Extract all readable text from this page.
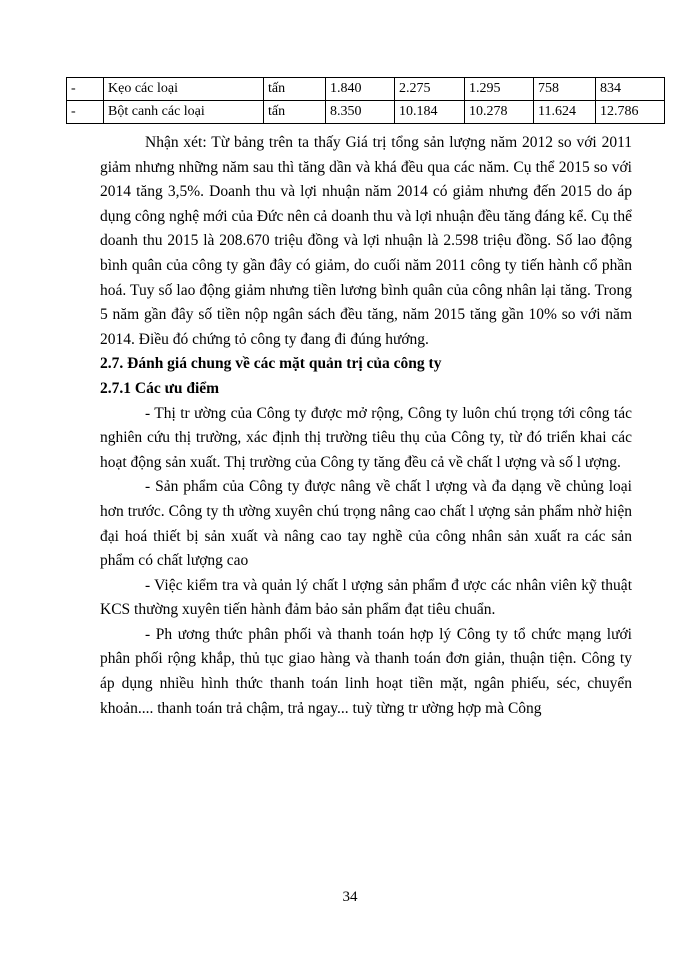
-	Kẹo các loại	tấn	1.840	2.275	1.295	758	834
-	Bột canh các loại	tấn	8.350	10.184	10.278	11.624	12.786

Nhận xét: Từ bảng trên ta thấy Giá trị tổng sản lượng năm 2012 so với 2011 giảm nhưng những năm sau thì tăng dần và khá đều qua các năm. Cụ thể 2015 so với 2014 tăng 3,5%. Doanh thu và lợi nhuận năm 2014 có giảm nhưng đến 2015 do áp dụng công nghệ mới của Đức nên cả doanh thu và lợi nhuận đều tăng đáng kể. Cụ thể doanh thu 2015 là 208.670 triệu đồng và lợi nhuận là 2.598 triệu đồng. Số lao động bình quân của công ty gần đây có giảm, do cuối năm 2011 công ty tiến hành cổ phần hoá. Tuy số lao động giảm nhưng tiền lương bình quân của công nhân lại tăng. Trong 5 năm gần đây số tiền nộp ngân sách đều tăng, năm 2015 tăng gần 10% so với năm 2014. Điều đó chứng tỏ công ty đang đi đúng hướng.

2.7. Đánh giá chung về các mặt quản trị của công ty
2.7.1 Các ưu điểm

- Thị tr ường của Công ty được mở rộng, Công ty luôn chú trọng tới công tác nghiên cứu thị trường, xác định thị trường tiêu thụ của Công ty, từ đó triển khai các hoạt động sản xuất. Thị trường của Công ty tăng đều cả về chất l ượng và số l ượng.

- Sản phẩm của Công ty được nâng về chất l ượng và đa dạng về chủng loại hơn trước. Công ty th ường xuyên chú trọng nâng cao chất l ượng sản phẩm nhờ hiện đại hoá thiết bị sản xuất và nâng cao tay nghề của công nhân sản xuất ra các sản phẩm có chất lượng cao

- Việc kiểm tra và quản lý chất l ượng sản phẩm đ ược các nhân viên kỹ thuật KCS thường xuyên tiến hành đảm bảo sản phẩm đạt tiêu chuẩn.

- Ph ương thức phân phối và thanh toán hợp lý Công ty tổ chức mạng lưới phân phối rộng khắp, thủ tục giao hàng và thanh toán đơn giản, thuận tiện. Công ty áp dụng nhiều hình thức thanh toán linh hoạt tiền mặt, ngân phiếu, séc, chuyển khoản.... thanh toán trả chậm, trả ngay... tuỳ từng tr ường hợp mà Công

34
